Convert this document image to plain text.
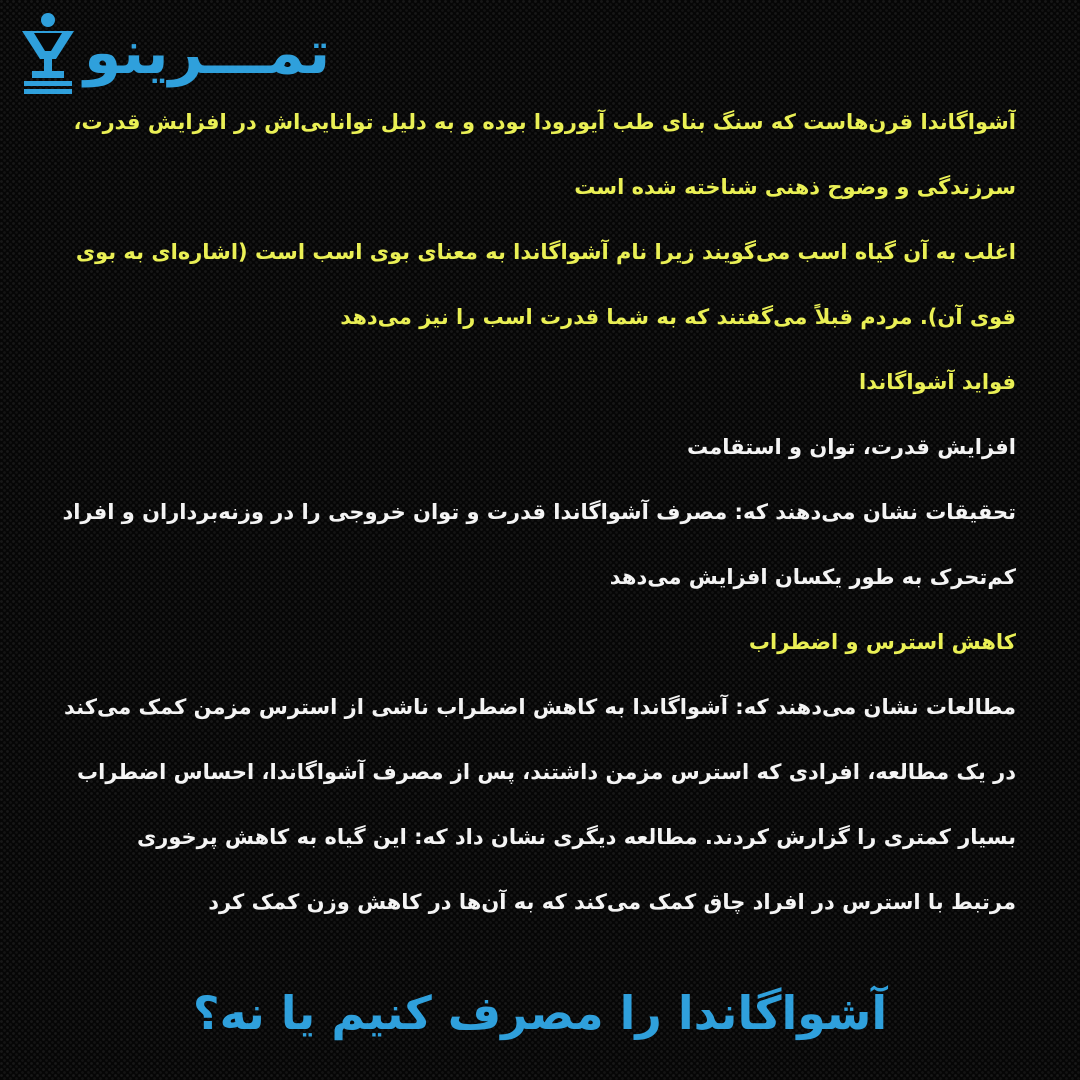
تمـــرینو
آشواگاندا قرن‌هاست که سنگ بنای طب آیورودا بوده و به دلیل توانایی‌اش در افزایش قدرت،
سرزندگی و وضوح ذهنی شناخته شده است
اغلب به آن گیاه اسب می‌گویند زیرا نام آشواگاندا به معنای بوی اسب است (اشاره‌ای به بوی
قوی آن). مردم قبلاً می‌گفتند که به شما قدرت اسب را نیز می‌دهد
فواید آشواگاندا
افزایش قدرت، توان و استقامت
تحقیقات نشان می‌دهند که: مصرف آشواگاندا قدرت و توان خروجی را در وزنه‌برداران و افراد
کم‌تحرک به طور یکسان افزایش می‌دهد
کاهش استرس و اضطراب
مطالعات نشان می‌دهند که: آشواگاندا به کاهش اضطراب ناشی از استرس مزمن کمک می‌کند
در یک مطالعه، افرادی که استرس مزمن داشتند، پس از مصرف آشواگاندا، احساس اضطراب
بسیار کمتری را گزارش کردند. مطالعه دیگری نشان داد که: این گیاه به کاهش پرخوری
مرتبط با استرس در افراد چاق کمک می‌کند که به آن‌ها در کاهش وزن کمک کرد
آشواگاندا را مصرف کنیم یا نه؟
